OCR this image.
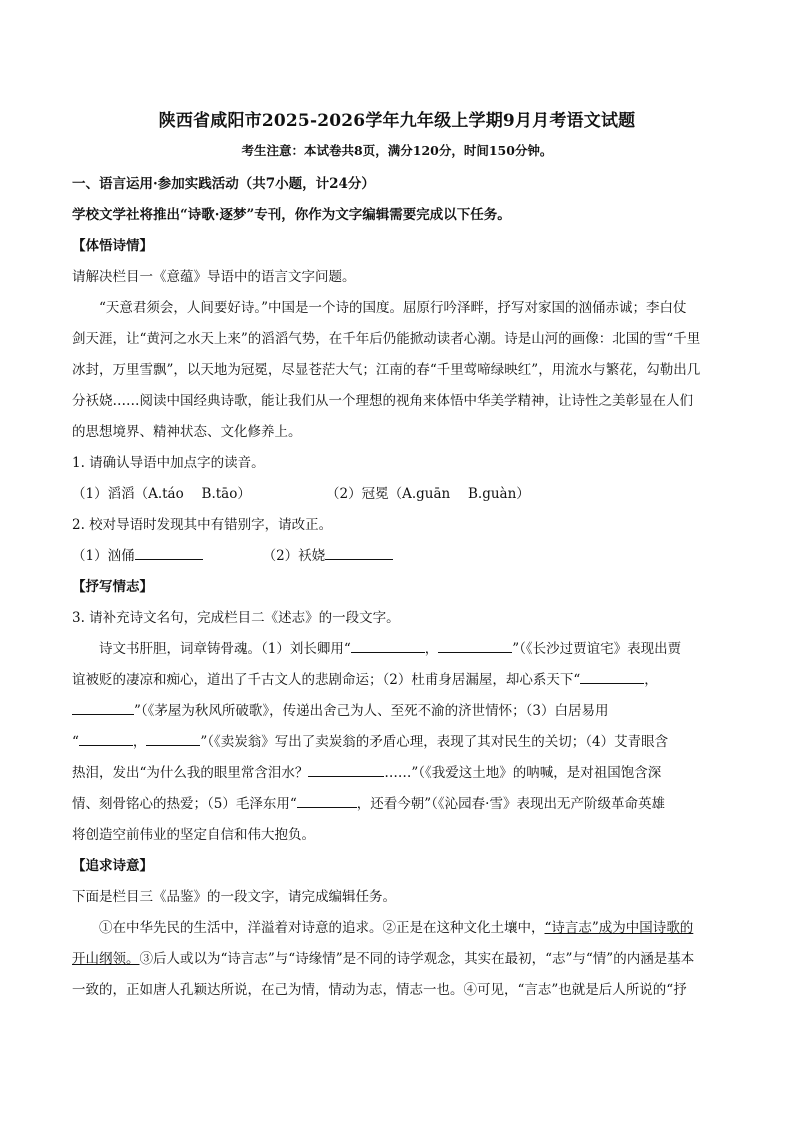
陕西省咸阳市2025-2026学年九年级上学期9月月考语文试题
考生注意：本试卷共8页，满分120分，时间150分钟。
一、语言运用·参加实践活动（共7小题，计24分）
学校文学社将推出“诗歌·逐梦”专刊，你作为文字编辑需要完成以下任务。
【体悟诗情】
请解决栏目一《意蕴》导语中的语言文字问题。
“天意君须会，人间要好诗。”中国是一个诗的国度。屈原行吟泽畔，抒写对家国的汹俑赤诚；李白仗
剑天涯，让“黄河之水天上来”的滔滔气势，在千年后仍能掀动读者心潮。诗是山河的画像：北国的雪“千里
冰封，万里雪飘”，以天地为冠冕，尽显苍茫大气；江南的春“千里莺啼绿映红”，用流水与繁花，勾勒出几
分袄娆……阅读中国经典诗歌，能让我们从一个理想的视角来体悟中华美学精神，让诗性之美彰显在人们
的思想境界、精神状态、文化修养上。
1. 请确认导语中加点字的读音。
（1）滔滔（A.táo　 B.tāo）	（2）冠冕（A.guān　 B.guàn）
2. 校对导语时发现其中有错别字，请改正。
（1）汹俑	（2）袄娆
【抒写情志】
3. 请补充诗文名句，完成栏目二《述志》的一段文字。
诗文书肝胆，词章铸骨魂。（1）刘长卿用“	，	”（《长沙过贾谊宅》表现出贾
谊被贬的凄凉和痴心，道出了千古文人的悲剧命运；（2）杜甫身居漏屋，却心系天下“	，
”（《茅屋为秋风所破歌》，传递出舍己为人、至死不渝的济世情怀；（3）白居易用
“	，	”（《卖炭翁》写出了卖炭翁的矛盾心理，表现了其对民生的关切；（4）艾青眼含
热泪，发出“为什么我的眼里常含泪水？	……”（《我爱这土地》的呐喊，是对祖国饱含深
情、刻骨铭心的热爱；（5）毛泽东用“	，还看今朝”（《沁园春·雪》表现出无产阶级革命英雄
将创造空前伟业的坚定自信和伟大抱负。
【追求诗意】
下面是栏目三《品鉴》的一段文字，请完成编辑任务。
①在中华先民的生活中，洋溢着对诗意的追求。②正是在这种文化土壤中，“诗言志”成为中国诗歌的
开山纲领。③后人或以为“诗言志”与“诗缘情”是不同的诗学观念，其实在最初，“志”与“情”的内涵是基本
一致的，正如唐人孔颖达所说，在己为情，情动为志，情志一也。④可见，“言志”也就是后人所说的“抒
